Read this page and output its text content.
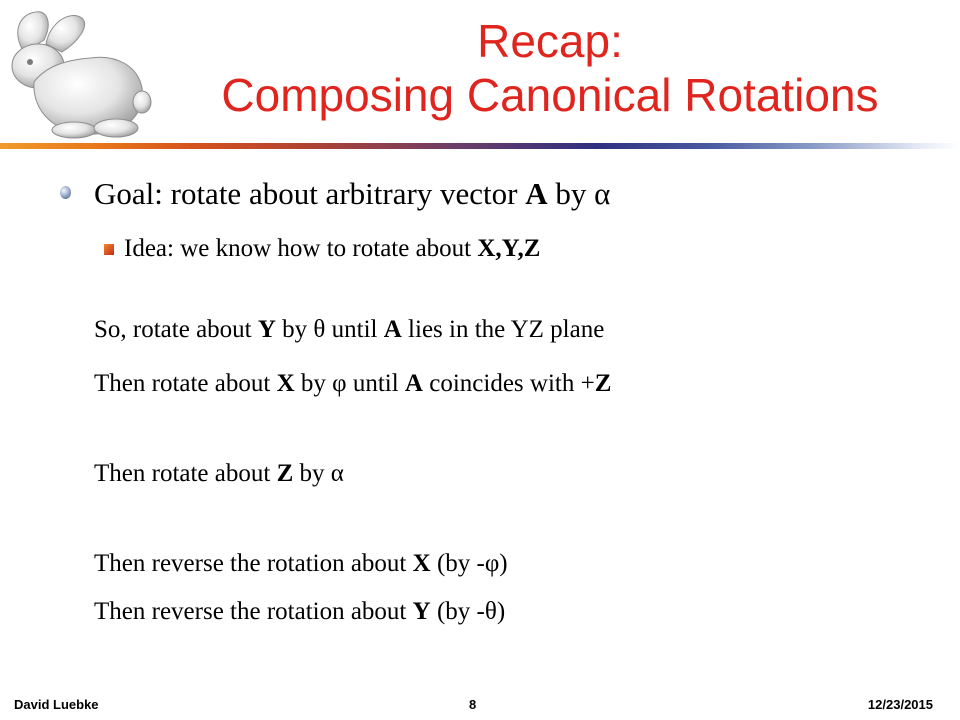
Recap:
Composing Canonical Rotations
Goal: rotate about arbitrary vector A by α
Idea: we know how to rotate about X,Y,Z
So, rotate about Y by θ until A lies in the YZ plane
Then rotate about X by φ until A coincides with +Z
Then rotate about Z by α
Then reverse the rotation about X (by -φ)
Then reverse the rotation about Y (by -θ)
David Luebke	8	12/23/2015
